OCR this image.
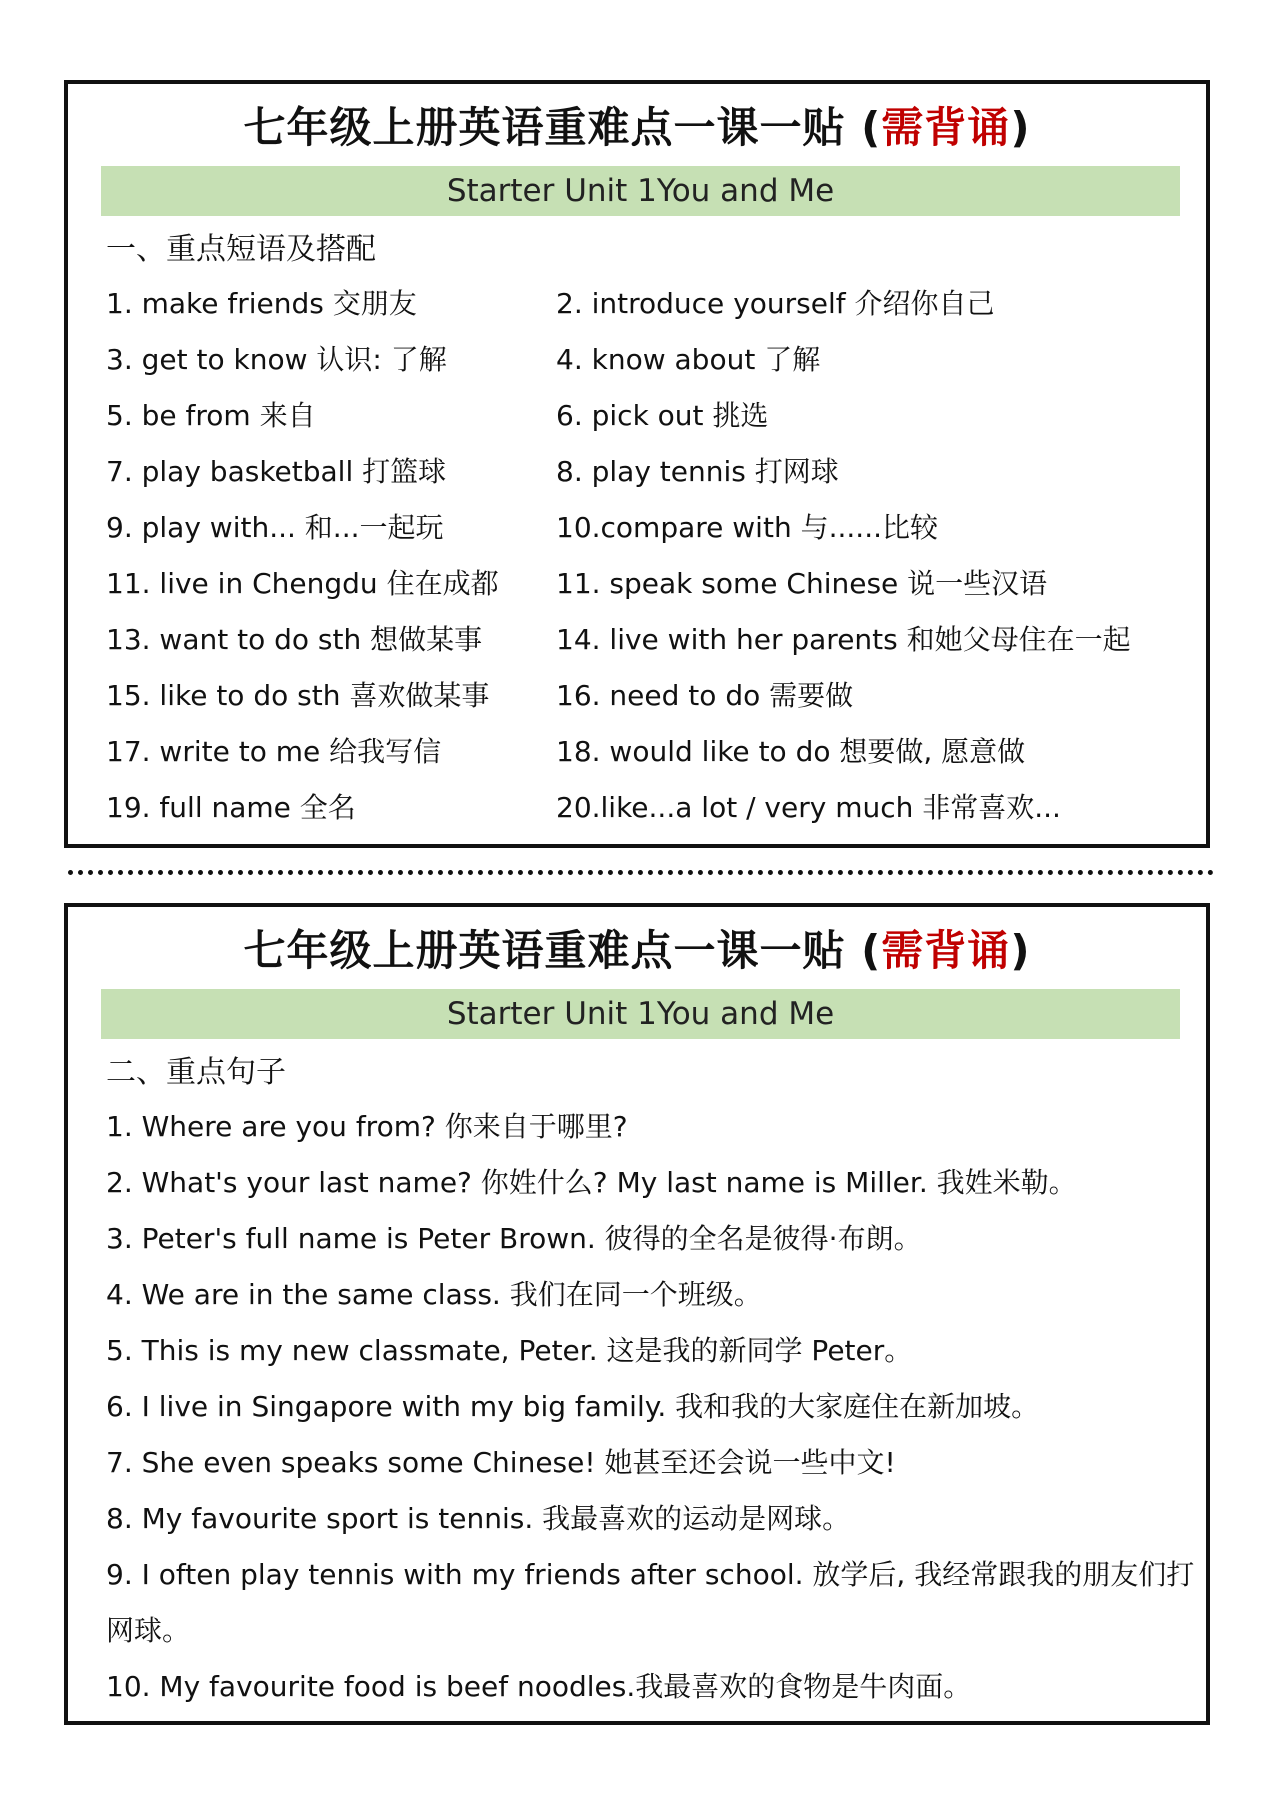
七年级上册英语重难点一课一贴 (需背诵)
Starter Unit 1You and Me
一、重点短语及搭配
1. make friends 交朋友	2. introduce yourself 介绍你自己
3. get to know 认识: 了解	4. know about 了解
5. be from 来自	6. pick out 挑选
7. play basketball 打篮球	8. play tennis 打网球
9. play with... 和...一起玩	10.compare with 与......比较
11. live in Chengdu 住在成都 11. speak some Chinese 说一些汉语
13. want to do sth 想做某事	14. live with her parents 和她父母住在一起
15. like to do sth 喜欢做某事 16. need to do 需要做
17. write to me 给我写信	18. would like to do 想要做, 愿意做
19. full name 全名	20.like...a lot / very much 非常喜欢...
七年级上册英语重难点一课一贴 (需背诵)
Starter Unit 1You and Me
二、重点句子
1. Where are you from? 你来自于哪里?
2. What's your last name? 你姓什么? My last name is Miller. 我姓米勒。
3. Peter's full name is Peter Brown. 彼得的全名是彼得·布朗。
4. We are in the same class. 我们在同一个班级。
5. This is my new classmate, Peter. 这是我的新同学 Peter。
6. I live in Singapore with my big family. 我和我的大家庭住在新加坡。
7. She even speaks some Chinese! 她甚至还会说一些中文!
8. My favourite sport is tennis. 我最喜欢的运动是网球。
9. I often play tennis with my friends after school. 放学后, 我经常跟我的朋友们打网球。
10. My favourite food is beef noodles.我最喜欢的食物是牛肉面。
